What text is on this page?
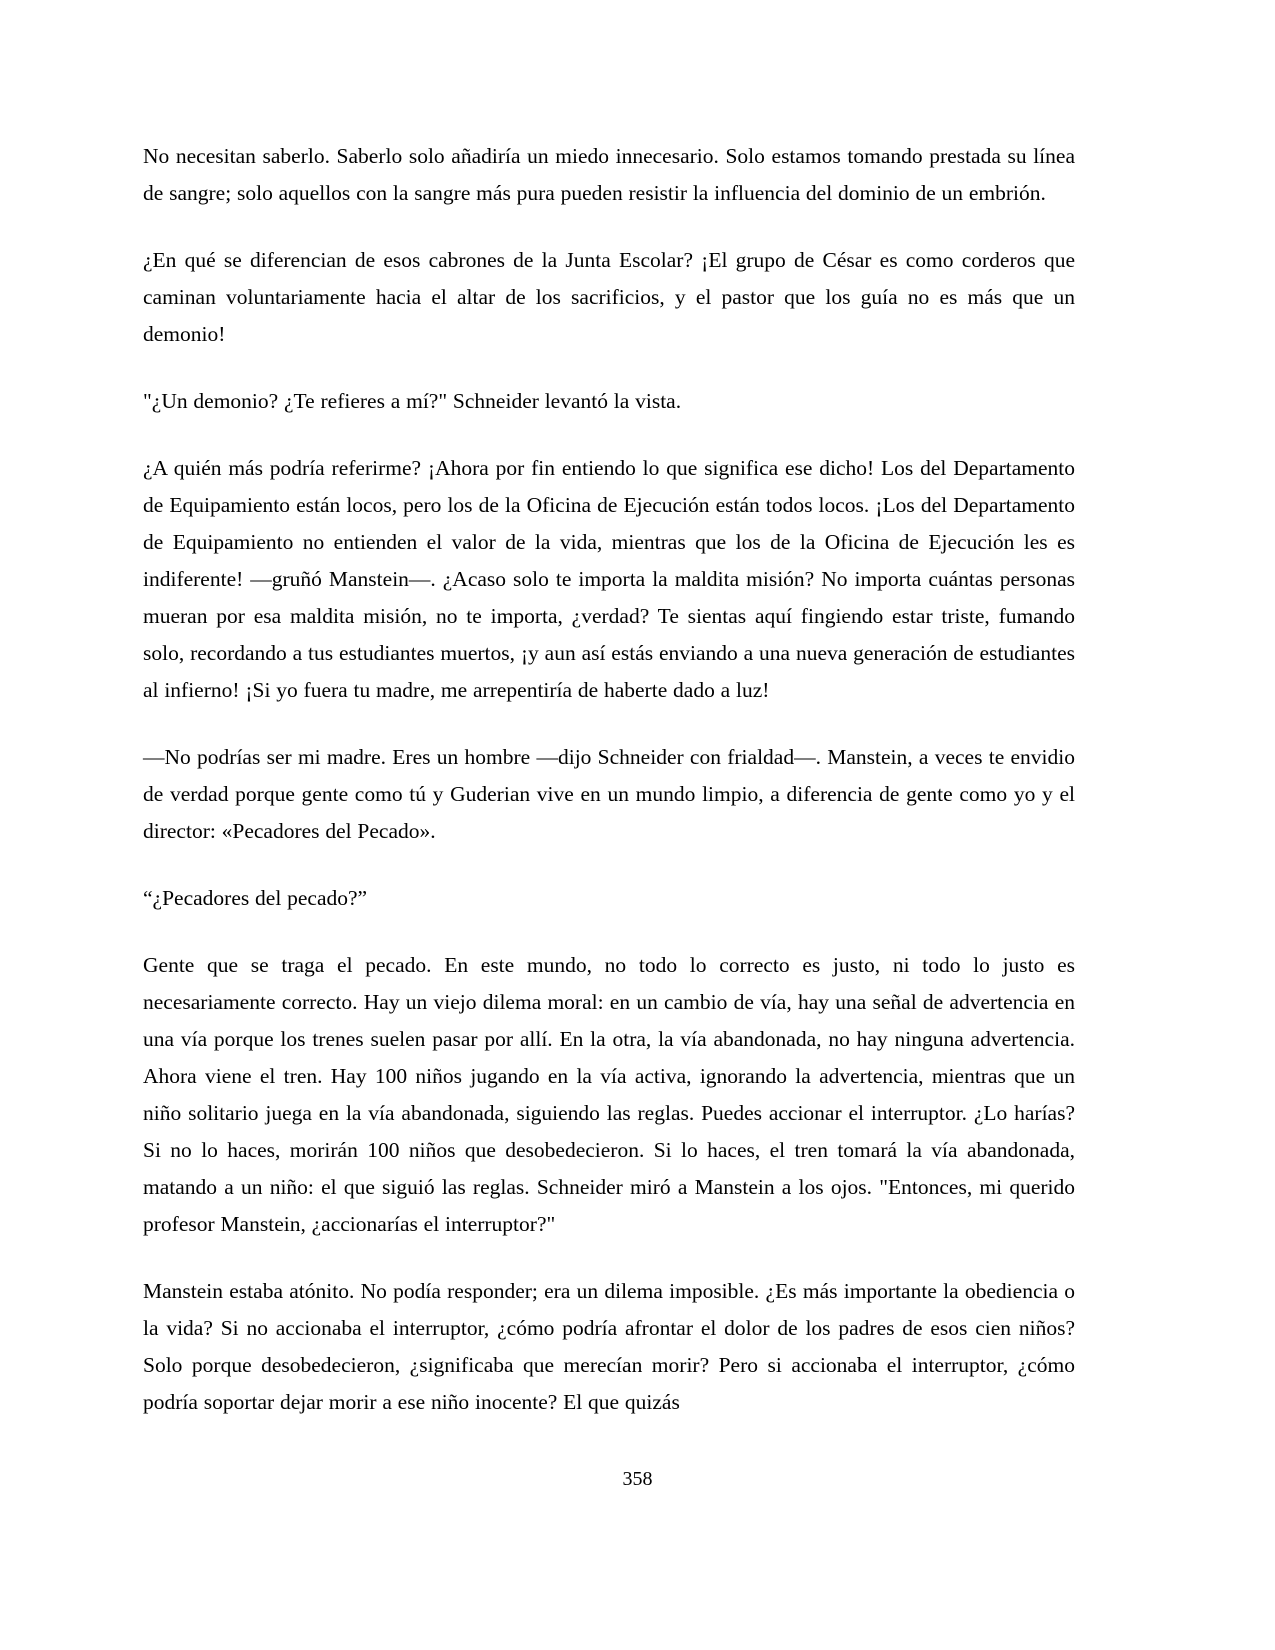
No necesitan saberlo. Saberlo solo añadiría un miedo innecesario. Solo estamos tomando prestada su línea de sangre; solo aquellos con la sangre más pura pueden resistir la influencia del dominio de un embrión.

¿En qué se diferencian de esos cabrones de la Junta Escolar? ¡El grupo de César es como corderos que caminan voluntariamente hacia el altar de los sacrificios, y el pastor que los guía no es más que un demonio!

"¿Un demonio? ¿Te refieres a mí?" Schneider levantó la vista.

¿A quién más podría referirme? ¡Ahora por fin entiendo lo que significa ese dicho! Los del Departamento de Equipamiento están locos, pero los de la Oficina de Ejecución están todos locos. ¡Los del Departamento de Equipamiento no entienden el valor de la vida, mientras que los de la Oficina de Ejecución les es indiferente! —gruñó Manstein—. ¿Acaso solo te importa la maldita misión? No importa cuántas personas mueran por esa maldita misión, no te importa, ¿verdad? Te sientas aquí fingiendo estar triste, fumando solo, recordando a tus estudiantes muertos, ¡y aun así estás enviando a una nueva generación de estudiantes al infierno! ¡Si yo fuera tu madre, me arrepentiría de haberte dado a luz!

—No podrías ser mi madre. Eres un hombre —dijo Schneider con frialdad—. Manstein, a veces te envidio de verdad porque gente como tú y Guderian vive en un mundo limpio, a diferencia de gente como yo y el director: «Pecadores del Pecado».

“¿Pecadores del pecado?”

Gente que se traga el pecado. En este mundo, no todo lo correcto es justo, ni todo lo justo es necesariamente correcto. Hay un viejo dilema moral: en un cambio de vía, hay una señal de advertencia en una vía porque los trenes suelen pasar por allí. En la otra, la vía abandonada, no hay ninguna advertencia. Ahora viene el tren. Hay 100 niños jugando en la vía activa, ignorando la advertencia, mientras que un niño solitario juega en la vía abandonada, siguiendo las reglas. Puedes accionar el interruptor. ¿Lo harías? Si no lo haces, morirán 100 niños que desobedecieron. Si lo haces, el tren tomará la vía abandonada, matando a un niño: el que siguió las reglas. Schneider miró a Manstein a los ojos. "Entonces, mi querido profesor Manstein, ¿accionarías el interruptor?"

Manstein estaba atónito. No podía responder; era un dilema imposible. ¿Es más importante la obediencia o la vida? Si no accionaba el interruptor, ¿cómo podría afrontar el dolor de los padres de esos cien niños? Solo porque desobedecieron, ¿significaba que merecían morir? Pero si accionaba el interruptor, ¿cómo podría soportar dejar morir a ese niño inocente? El que quizás

358
